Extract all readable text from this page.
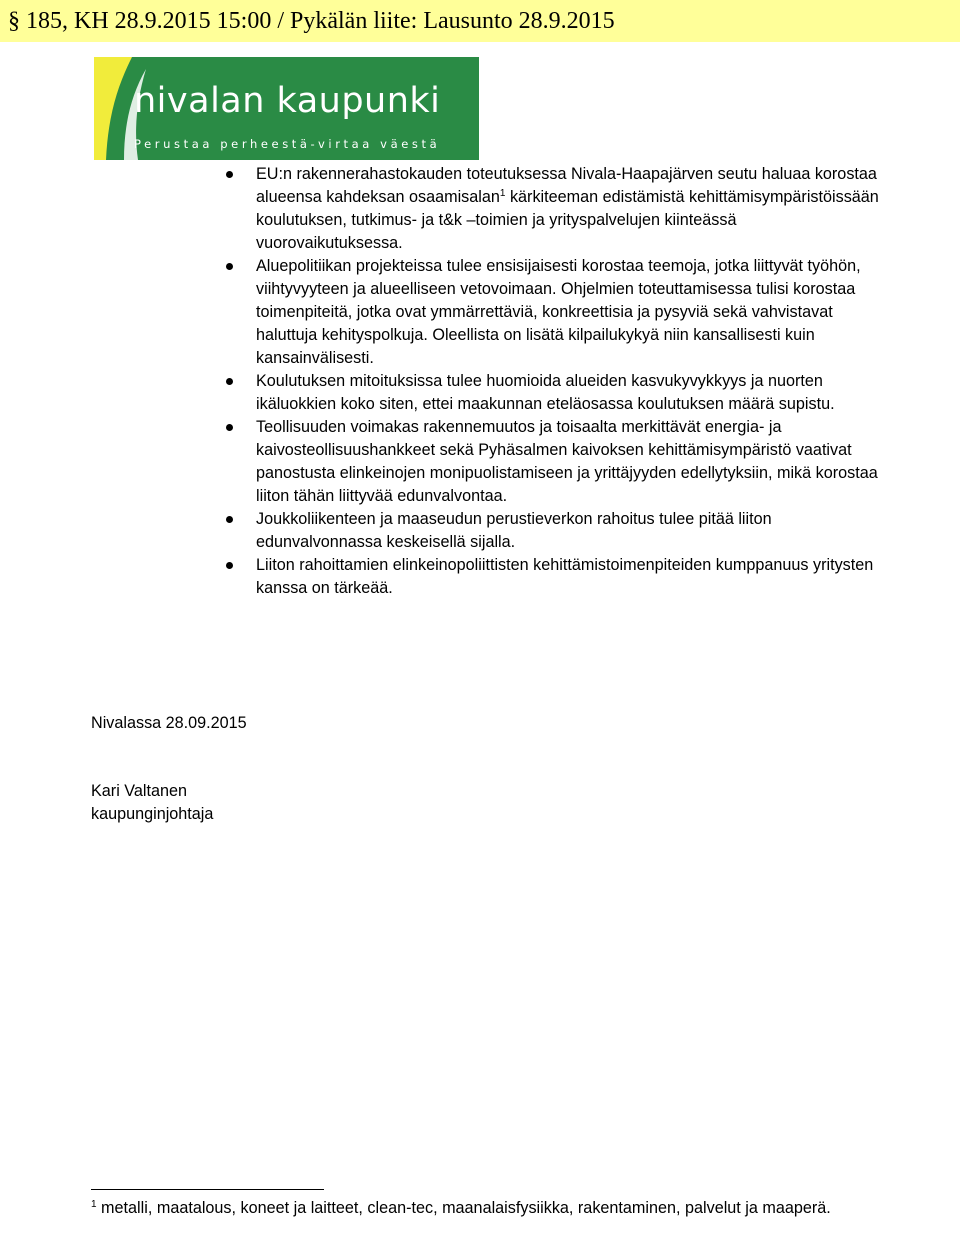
§ 185, KH 28.9.2015 15:00 / Pykälän liite: Lausunto 28.9.2015
nivalan kaupunki
Perustaa perheestä-virtaa väestä
EU:n rakennerahastokauden toteutuksessa Nivala-Haapajärven seutu haluaa korostaa alueensa kahdeksan osaamisalan$^1$ kärkiteeman edistämistä kehittämisympäristöissään koulutuksen, tutkimus- ja t&k –toimien ja yrityspalvelujen kiinteässä vuorovaikutuksessa.
Aluepolitiikan projekteissa tulee ensisijaisesti korostaa teemoja, jotka liittyvät työhön, viihtyvyyteen ja alueelliseen vetovoimaan. Ohjelmien toteuttamisessa tulisi korostaa toimenpiteitä, jotka ovat ymmärrettäviä, konkreettisia ja pysyviä sekä vahvistavat haluttuja kehityspolkuja. Oleellista on lisätä kilpailukykyä niin kansallisesti kuin kansainvälisesti.
Koulutuksen mitoituksissa tulee huomioida alueiden kasvukyvykkyys ja nuorten ikäluokkien koko siten, ettei maakunnan eteläosassa koulutuksen määrä supistu.
Teollisuuden voimakas rakennemuutos ja toisaalta merkittävät energia- ja kaivosteollisuushankkeet sekä Pyhäsalmen kaivoksen kehittämisympäristö vaativat panostusta elinkeinojen monipuolistamiseen ja yrittäjyyden edellytyksiin, mikä korostaa liiton tähän liittyvää edunvalvontaa.
Joukkoliikenteen ja maaseudun perustieverkon rahoitus tulee pitää liiton edunvalvonnassa keskeisellä sijalla.
Liiton rahoittamien elinkeinopoliittisten kehittämistoimenpiteiden kumppanuus yritysten kanssa on tärkeää.
Nivalassa 28.09.2015
Kari Valtanen
kaupunginjohtaja
$^1$ metalli, maatalous, koneet ja laitteet, clean-tec, maanalaisfysiikka, rakentaminen, palvelut ja maaperä.
